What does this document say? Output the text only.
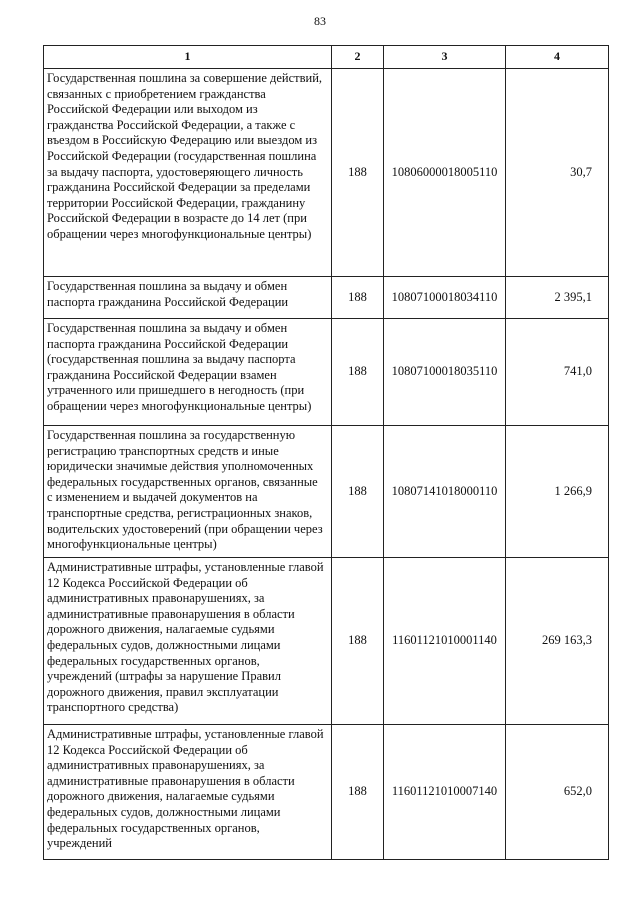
83
1	2	3	4
Государственная пошлина за совершение действий, связанных с приобретением гражданства Российской Федерации или выходом из гражданства Российской Федерации, а также с въездом в Российскую Федерацию или выездом из Российской Федерации (государственная пошлина за выдачу паспорта, удостоверяющего личность гражданина Российской Федерации за пределами территории Российской Федерации, гражданину Российской Федерации в возрасте до 14 лет (при обращении через многофункциональные центры)	188	10806000018005110	30,7
Государственная пошлина за выдачу и обмен паспорта гражданина Российской Федерации	188	10807100018034110	2 395,1
Государственная пошлина за выдачу и обмен паспорта гражданина Российской Федерации (государственная пошлина за выдачу паспорта гражданина Российской Федерации взамен утраченного или пришедшего в негодность (при обращении через многофункциональные центры)	188	10807100018035110	741,0
Государственная пошлина за государственную регистрацию транспортных средств и иные юридически значимые действия уполномоченных федеральных государственных органов, связанные с изменением и выдачей документов на транспортные средства, регистрационных знаков, водительских удостоверений (при обращении через многофункциональные центры)	188	10807141018000110	1 266,9
Административные штрафы, установленные главой 12 Кодекса Российской Федерации об административных правонарушениях, за административные правонарушения в области дорожного движения, налагаемые судьями федеральных судов, должностными лицами федеральных государственных органов, учреждений (штрафы за нарушение Правил дорожного движения, правил эксплуатации транспортного средства)	188	11601121010001140	269 163,3

Административные штрафы, установленные главой 12 Кодекса Российской Федерации об административных правонарушениях, за административные правонарушения в области дорожного движения, налагаемые судьями федеральных судов, должностными лицами федеральных государственных органов, учреждений	188	11601121010007140	652,0
